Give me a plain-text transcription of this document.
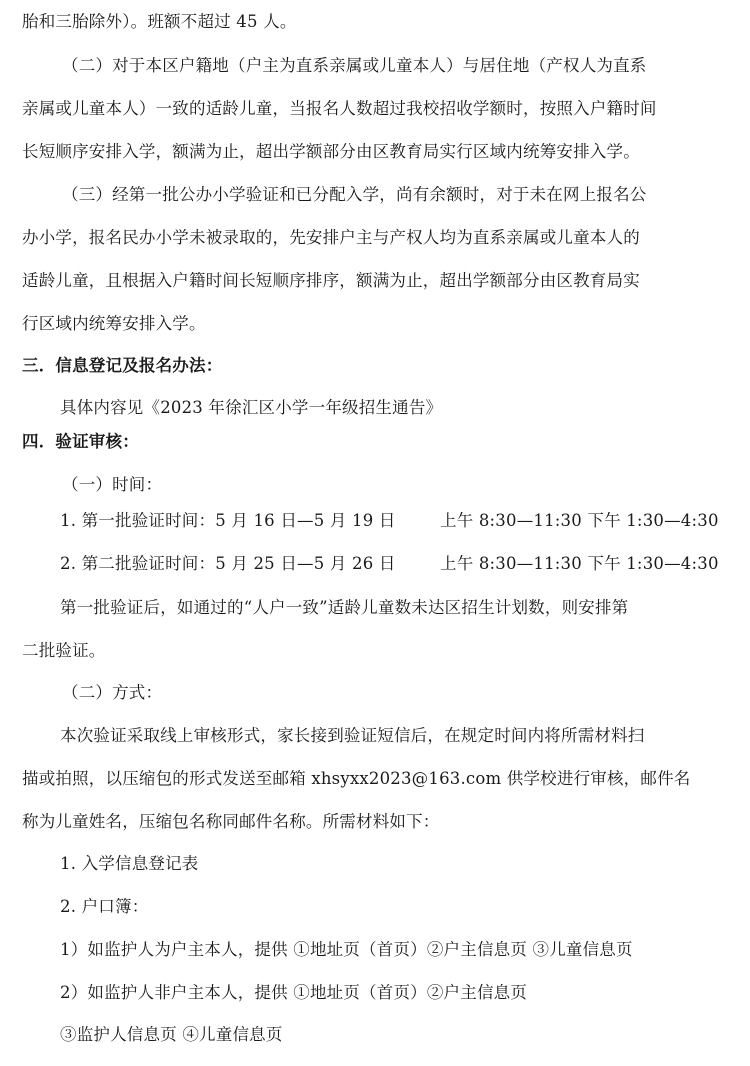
胎和三胎除外）。班额不超过 45 人。
（二）对于本区户籍地（户主为直系亲属或儿童本人）与居住地（产权人为直系
亲属或儿童本人）一致的适龄儿童，当报名人数超过我校招收学额时，按照入户籍时间
长短顺序安排入学，额满为止，超出学额部分由区教育局实行区域内统筹安排入学。
（三）经第一批公办小学验证和已分配入学，尚有余额时，对于未在网上报名公
办小学，报名民办小学未被录取的，先安排户主与产权人均为直系亲属或儿童本人的
适龄儿童，且根据入户籍时间长短顺序排序，额满为止，超出学额部分由区教育局实
行区域内统筹安排入学。
三．信息登记及报名办法：
具体内容见《2023 年徐汇区小学一年级招生通告》
四．验证审核：
（一）时间：
1. 第一批验证时间：5 月 16 日—5 月 19 日	上午 8:30—11:30 下午 1:30—4:30
2. 第二批验证时间：5 月 25 日—5 月 26 日	上午 8:30—11:30 下午 1:30—4:30
第一批验证后，如通过的“人户一致”适龄儿童数未达区招生计划数，则安排第
二批验证。
（二）方式：
本次验证采取线上审核形式，家长接到验证短信后，在规定时间内将所需材料扫
描或拍照，以压缩包的形式发送至邮箱 xhsyxx2023@163.com 供学校进行审核，邮件名
称为儿童姓名，压缩包名称同邮件名称。所需材料如下：
1. 入学信息登记表
2. 户口簿：
1）如监护人为户主本人，提供 ①地址页（首页）②户主信息页 ③儿童信息页
2）如监护人非户主本人，提供 ①地址页（首页）②户主信息页
③监护人信息页 ④儿童信息页
